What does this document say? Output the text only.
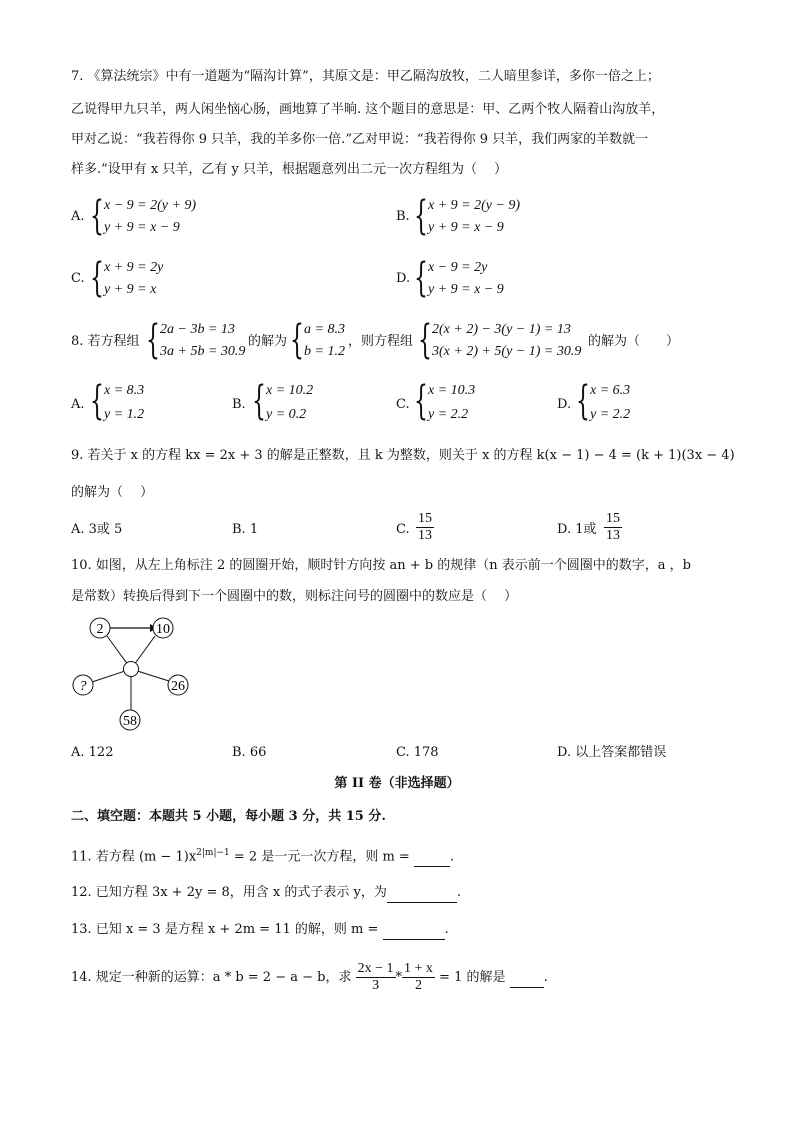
7. 《算法统宗》中有一道题为“隔沟计算”，其原文是：甲乙隔沟放牧，二人暗里参详，多你一倍之上；
乙说得甲九只羊，两人闲坐恼心肠，画地算了半晌. 这个题目的意思是：甲、乙两个牧人隔着山沟放羊，
甲对乙说：“我若得你 9 只羊，我的羊多你一倍.”乙对甲说：“我若得你 9 只羊，我们两家的羊数就一
样多.”设甲有 x 只羊，乙有 y 只羊，根据题意列出二元一次方程组为（　 ）
A. { x − 9 = 2(y + 9)
y + 9 = x − 9
B. { x + 9 = 2(y − 9)
y + 9 = x − 9
C. { x + 9 = 2y
y + 9 = x
D. { x − 9 = 2y
y + 9 = x − 9
8. 若方程组 { 2a − 3b = 13
3a + 5b = 30.9
的解为 { a = 8.3
b = 1.2
，则方程组 { 2(x + 2) − 3(y − 1) = 13
3(x + 2) + 5(y − 1) = 30.9
的解为（　　）
A. { x = 8.3
y = 1.2
B. { x = 10.2
y = 0.2
C. { x = 10.3
y = 2.2
D. { x = 6.3
y = 2.2
9. 若关于 x 的方程 kx = 2x + 3 的解是正整数，且 k 为整数，则关于 x 的方程 k(x − 1) − 4 = (k + 1)(3x − 4)
的解为（　 ）
A. 3或 5	B. 1	C. $\frac{15}{13}$	D. 1或 $\frac{15}{13}$
10. 如图，从左上角标注 2 的圆圈开始，顺时针方向按 an + b 的规律（n 表示前一个圆圈中的数字，a ，b
是常数）转换后得到下一个圆圈中的数，则标注问号的圆圈中的数应是（　 ）
2	10
26
58
?
A. 122	B. 66	C. 178	D. 以上答案都错误
第 II 卷（非选择题）
二、填空题：本题共 5 小题，每小题 3 分，共 15 分.
11. 若方程 $(m - 1)x^{2|m|-1} = 2$ 是一元一次方程，则 m =	.
12. 已知方程 3x + 2y = 8，用含 x 的式子表示 y，为	.
13. 已知 x = 3 是方程 x + 2m = 11 的解，则 m =	.
14. 规定一种新的运算：a * b = 2 − a − b，求 $\frac{2x - 1}{3} * \frac{1 + x}{2} = 1$ 的解是	.
